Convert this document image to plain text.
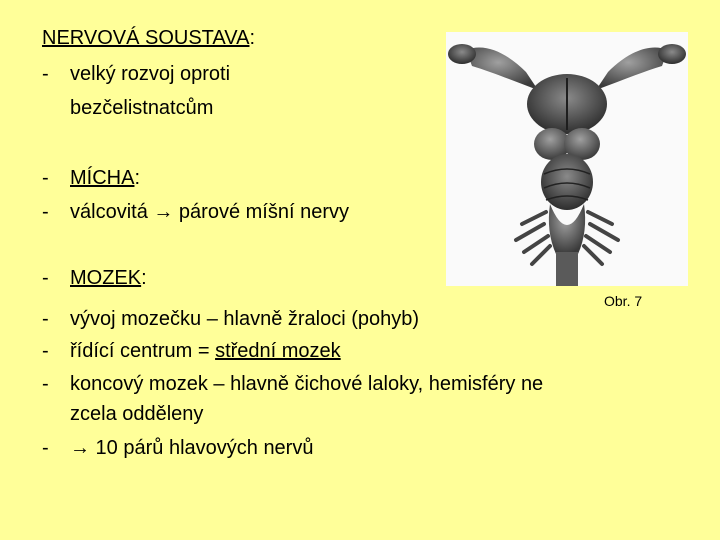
NERVOVÁ SOUSTAVA:
- velký rozvoj oproti
bezčelistnatcům
- MÍCHA:
- válcovitá → párové míšní nervy
- MOZEK:
- vývoj mozečku – hlavně žraloci (pohyb)
- řídící centrum = střední mozek
- koncový mozek – hlavně čichové laloky, hemisféry ne
zcela odděleny
- → 10 párů hlavových nervů
Obr. 7
